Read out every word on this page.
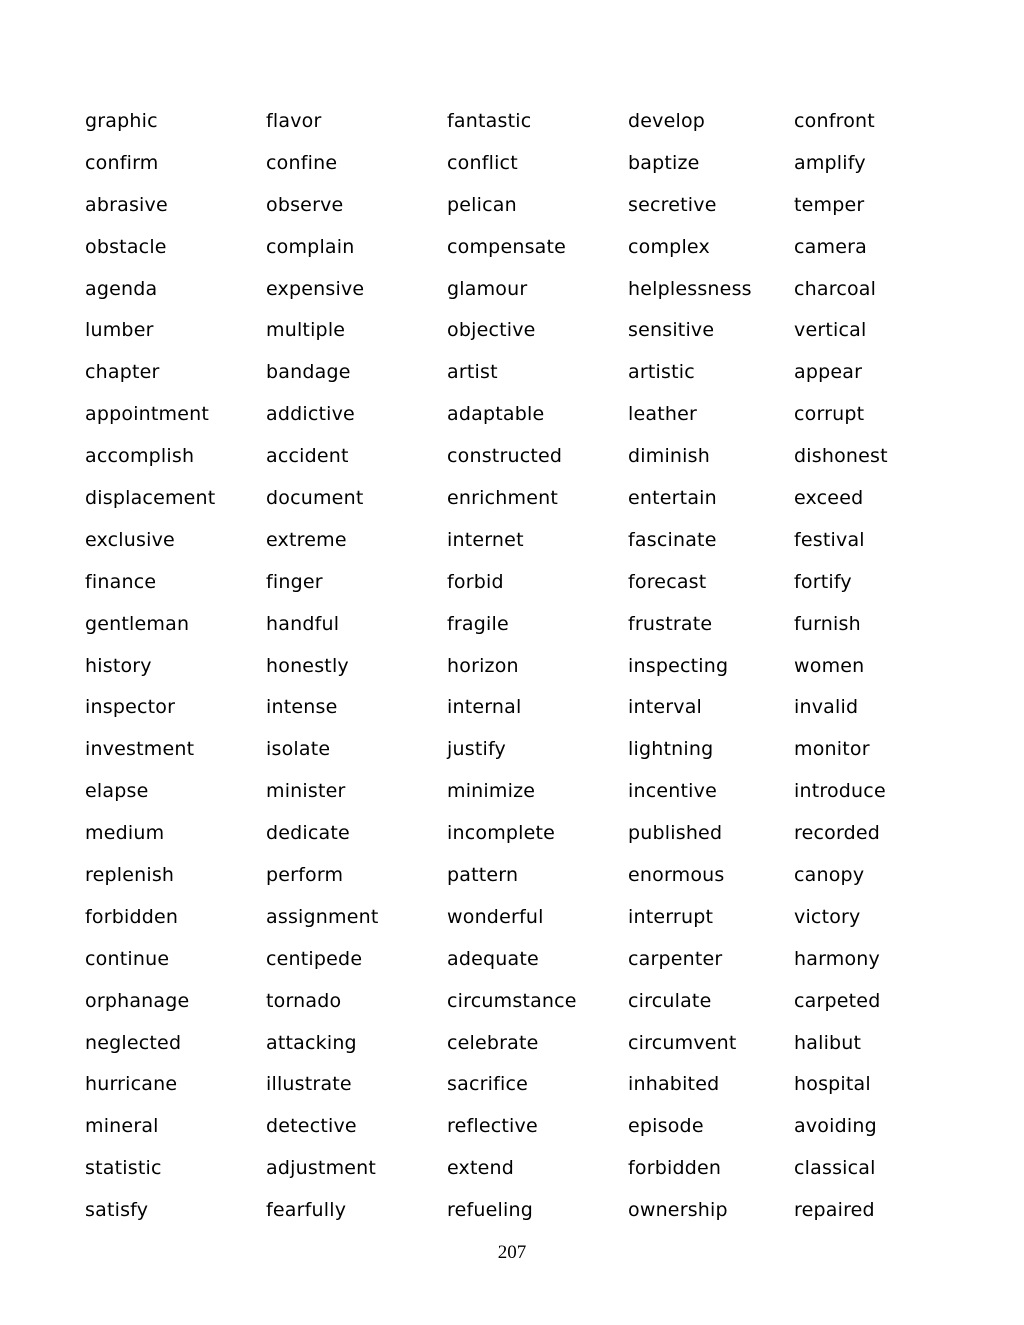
graphic	flavor	fantastic	develop	confront
confirm	confine	conflict	baptize	amplify
abrasive	observe	pelican	secretive	temper
obstacle	complain	compensate	complex	camera
agenda	expensive	glamour	helplessness	charcoal
lumber	multiple	objective	sensitive	vertical
chapter	bandage	artist	artistic	appear
appointment	addictive	adaptable	leather	corrupt
accomplish	accident	constructed	diminish	dishonest
displacement	document	enrichment	entertain	exceed
exclusive	extreme	internet	fascinate	festival
finance	finger	forbid	forecast	fortify
gentleman	handful	fragile	frustrate	furnish
history	honestly	horizon	inspecting	women
inspector	intense	internal	interval	invalid
investment	isolate	justify	lightning	monitor
elapse	minister	minimize	incentive	introduce
medium	dedicate	incomplete	published	recorded
replenish	perform	pattern	enormous	canopy
forbidden	assignment	wonderful	interrupt	victory
continue	centipede	adequate	carpenter	harmony
orphanage	tornado	circumstance	circulate	carpeted
neglected	attacking	celebrate	circumvent	halibut
hurricane	illustrate	sacrifice	inhabited	hospital
mineral	detective	reflective	episode	avoiding
statistic	adjustment	extend	forbidden	classical
satisfy	fearfully	refueling	ownership	repaired
207
